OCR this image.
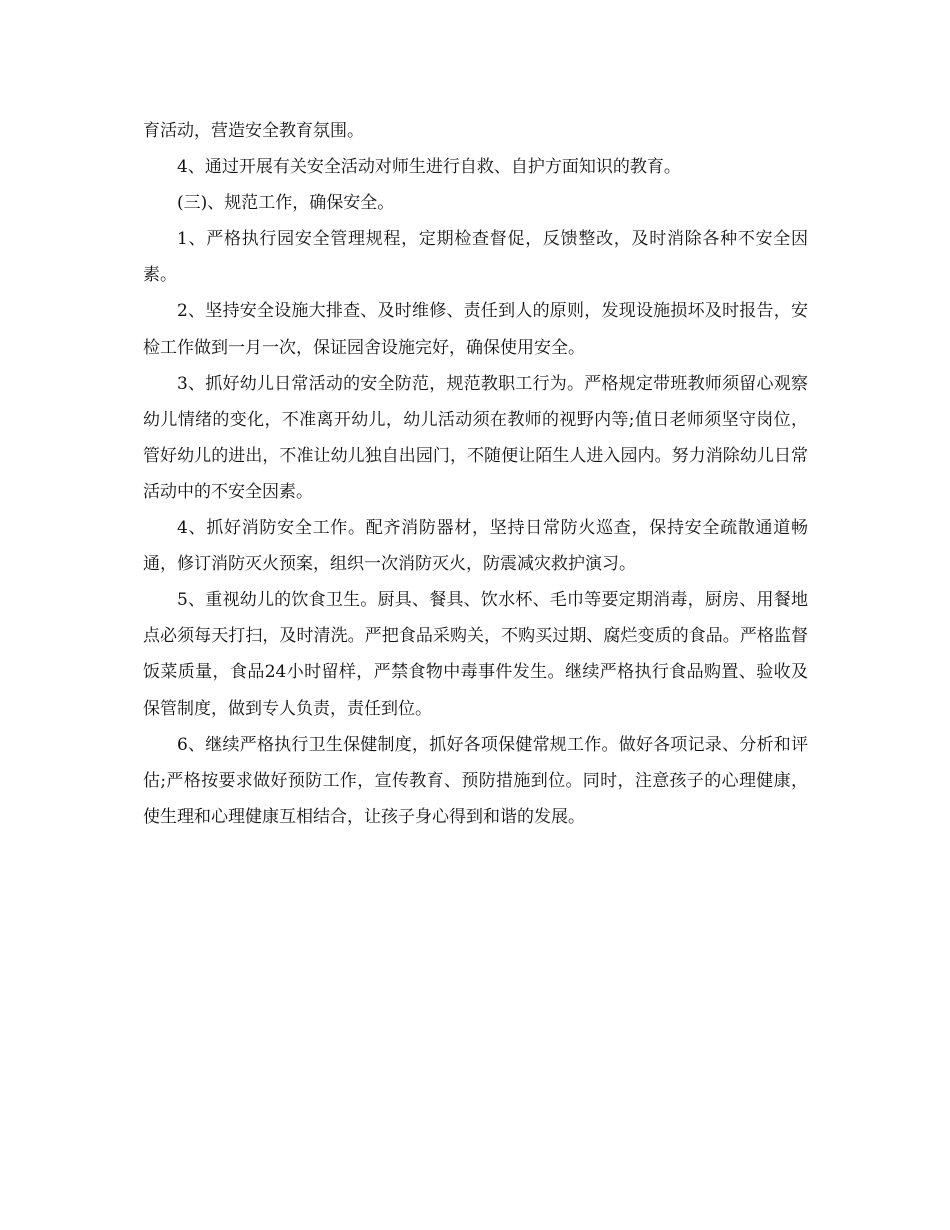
育活动，营造安全教育氛围。

4、通过开展有关安全活动对师生进行自救、自护方面知识的教育。

(三)、规范工作，确保安全。

1、严格执行园安全管理规程，定期检查督促，反馈整改，及时消除各种不安全因素。

2、坚持安全设施大排查、及时维修、责任到人的原则，发现设施损坏及时报告，安检工作做到一月一次，保证园舍设施完好，确保使用安全。

3、抓好幼儿日常活动的安全防范，规范教职工行为。严格规定带班教师须留心观察幼儿情绪的变化，不准离开幼儿，幼儿活动须在教师的视野内等;值日老师须坚守岗位，管好幼儿的进出，不准让幼儿独自出园门，不随便让陌生人进入园内。努力消除幼儿日常活动中的不安全因素。

4、抓好消防安全工作。配齐消防器材，坚持日常防火巡查，保持安全疏散通道畅通，修订消防灭火预案，组织一次消防灭火，防震减灾救护演习。

5、重视幼儿的饮食卫生。厨具、餐具、饮水杯、毛巾等要定期消毒，厨房、用餐地点必须每天打扫，及时清洗。严把食品采购关，不购买过期、腐烂变质的食品。严格监督饭菜质量，食品24小时留样，严禁食物中毒事件发生。继续严格执行食品购置、验收及保管制度，做到专人负责，责任到位。

6、继续严格执行卫生保健制度，抓好各项保健常规工作。做好各项记录、分析和评估;严格按要求做好预防工作，宣传教育、预防措施到位。同时，注意孩子的心理健康，使生理和心理健康互相结合，让孩子身心得到和谐的发展。
